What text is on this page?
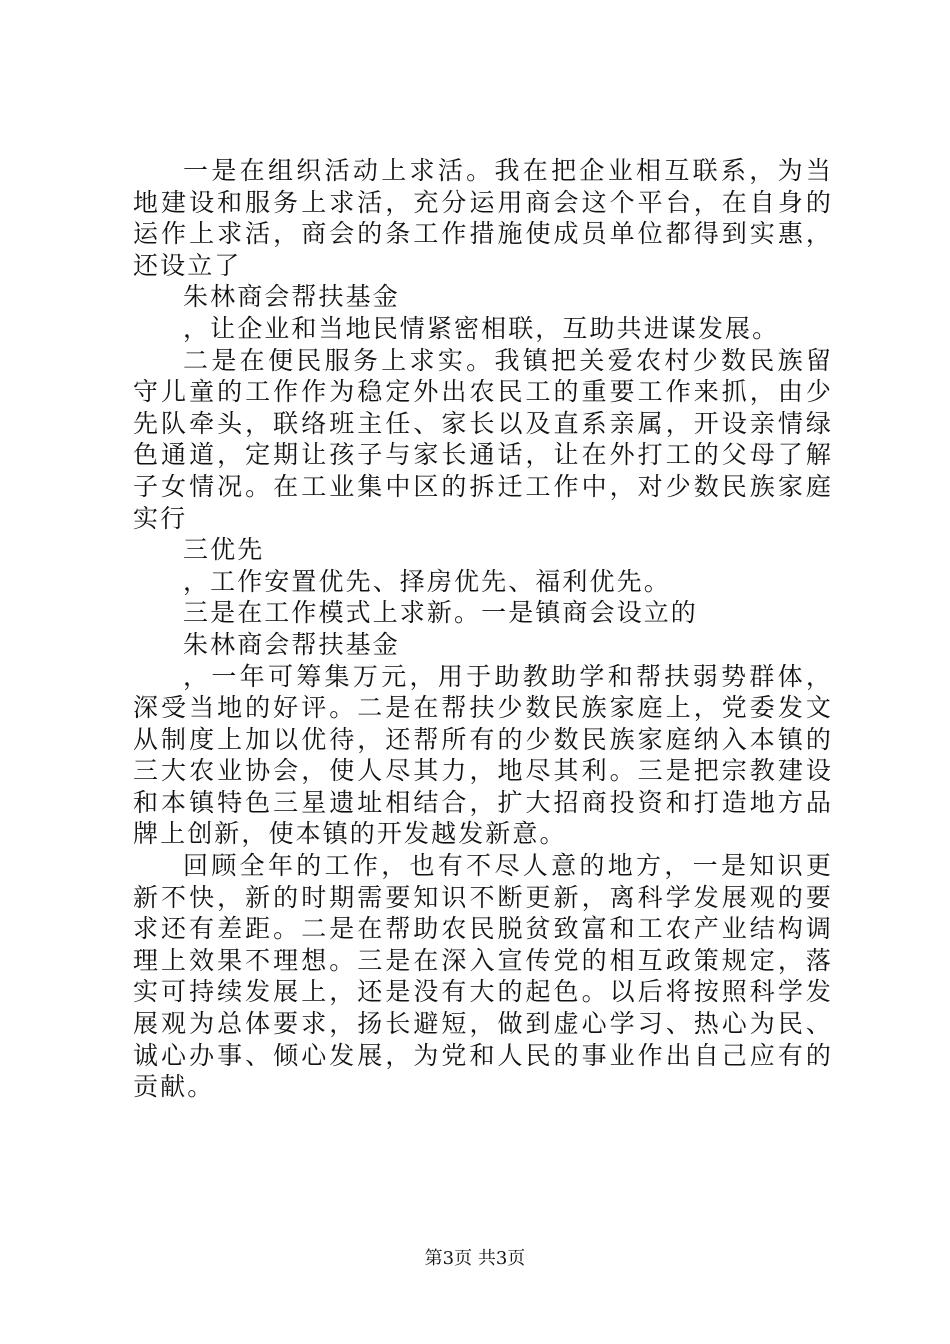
一是在组织活动上求活。我在把企业相互联系，为当地建设和服务上求活，充分运用商会这个平台，在自身的运作上求活，商会的条工作措施使成员单位都得到实惠，还设立了

朱林商会帮扶基金

，让企业和当地民情紧密相联，互助共进谋发展。

二是在便民服务上求实。我镇把关爱农村少数民族留守儿童的工作作为稳定外出农民工的重要工作来抓，由少先队牵头，联络班主任、家长以及直系亲属，开设亲情绿色通道，定期让孩子与家长通话，让在外打工的父母了解子女情况。在工业集中区的拆迁工作中，对少数民族家庭实行

三优先

，工作安置优先、择房优先、福利优先。

三是在工作模式上求新。一是镇商会设立的

朱林商会帮扶基金

，一年可筹集万元，用于助教助学和帮扶弱势群体，深受当地的好评。二是在帮扶少数民族家庭上，党委发文从制度上加以优待，还帮所有的少数民族家庭纳入本镇的三大农业协会，使人尽其力，地尽其利。三是把宗教建设和本镇特色三星遗址相结合，扩大招商投资和打造地方品牌上创新，使本镇的开发越发新意。

回顾全年的工作，也有不尽人意的地方，一是知识更新不快，新的时期需要知识不断更新，离科学发展观的要求还有差距。二是在帮助农民脱贫致富和工农产业结构调理上效果不理想。三是在深入宣传党的相互政策规定，落实可持续发展上，还是没有大的起色。以后将按照科学发展观为总体要求，扬长避短，做到虚心学习、热心为民、诚心办事、倾心发展，为党和人民的事业作出自己应有的贡献。

第3页 共3页
